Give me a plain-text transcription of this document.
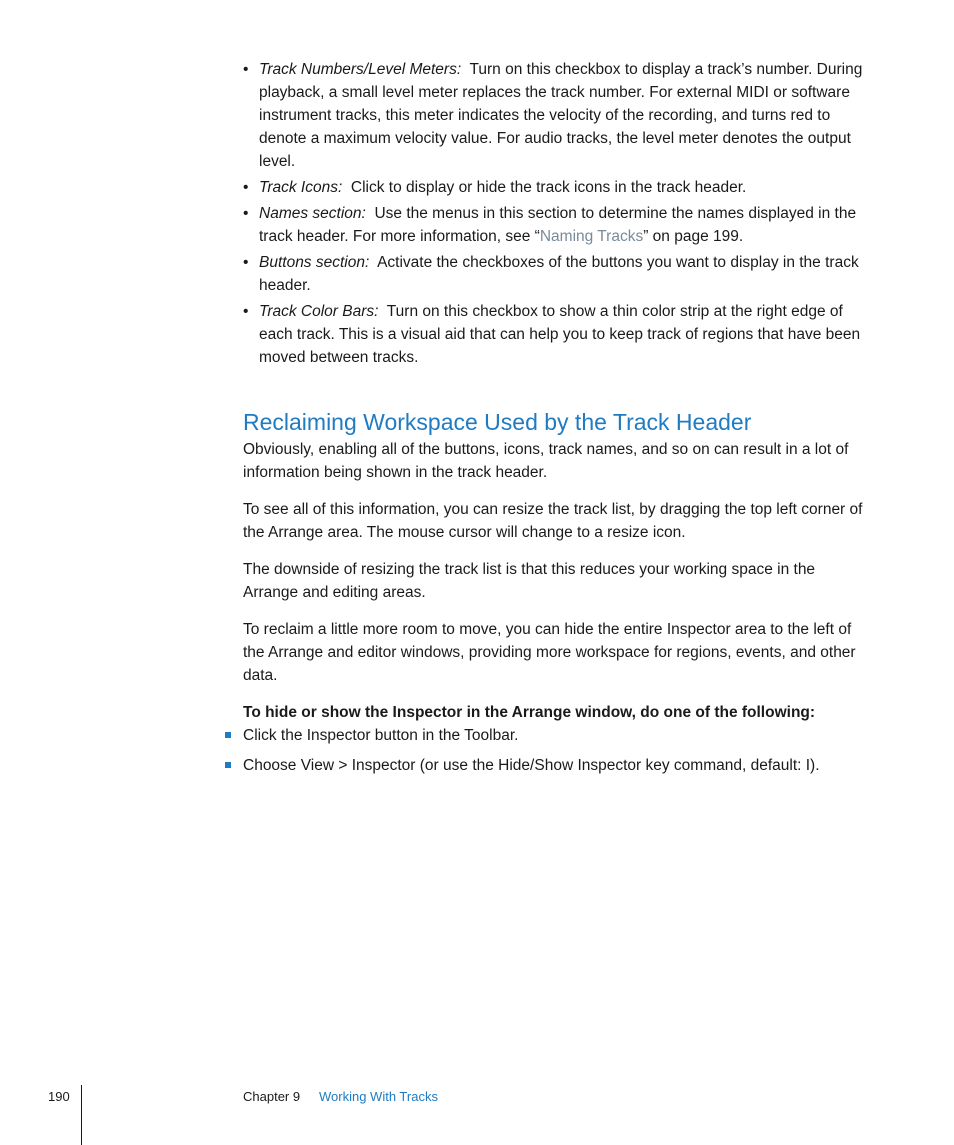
• Track Numbers/Level Meters: Turn on this checkbox to display a track’s number. During playback, a small level meter replaces the track number. For external MIDI or software instrument tracks, this meter indicates the velocity of the recording, and turns red to denote a maximum velocity value. For audio tracks, the level meter denotes the output level.
• Track Icons: Click to display or hide the track icons in the track header.
• Names section: Use the menus in this section to determine the names displayed in the track header. For more information, see “Naming Tracks” on page 199.
• Buttons section: Activate the checkboxes of the buttons you want to display in the track header.
• Track Color Bars: Turn on this checkbox to show a thin color strip at the right edge of each track. This is a visual aid that can help you to keep track of regions that have been moved between tracks.
Reclaiming Workspace Used by the Track Header

Obviously, enabling all of the buttons, icons, track names, and so on can result in a lot of information being shown in the track header.

To see all of this information, you can resize the track list, by dragging the top left corner of the Arrange area. The mouse cursor will change to a resize icon.

The downside of resizing the track list is that this reduces your working space in the Arrange and editing areas.

To reclaim a little more room to move, you can hide the entire Inspector area to the left of the Arrange and editor windows, providing more workspace for regions, events, and other data.

To hide or show the Inspector in the Arrange window, do one of the following:

Click the Inspector button in the Toolbar.
Choose View > Inspector (or use the Hide/Show Inspector key command, default: I).
190	Chapter 9 Working With Tracks
